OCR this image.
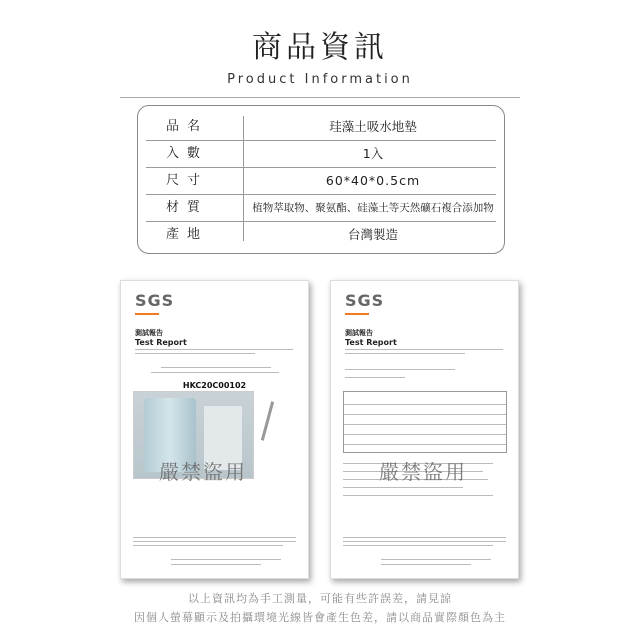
商品資訊
Product Information
品名	珪藻土吸水地墊
入數	1入
尺寸	60*40*0.5cm
材質	植物萃取物、聚氨酯、硅藻土等天然礦石複合添加物
產地	台灣製造
SGS
測試報告
Test Report
HKC20C00102
嚴禁盜用
SGS
測試報告
Test Report
嚴禁盜用
以上資訊均為手工測量，可能有些許誤差，請見諒
因個人螢幕顯示及拍攝環境光線皆會產生色差，請以商品實際顏色為主
